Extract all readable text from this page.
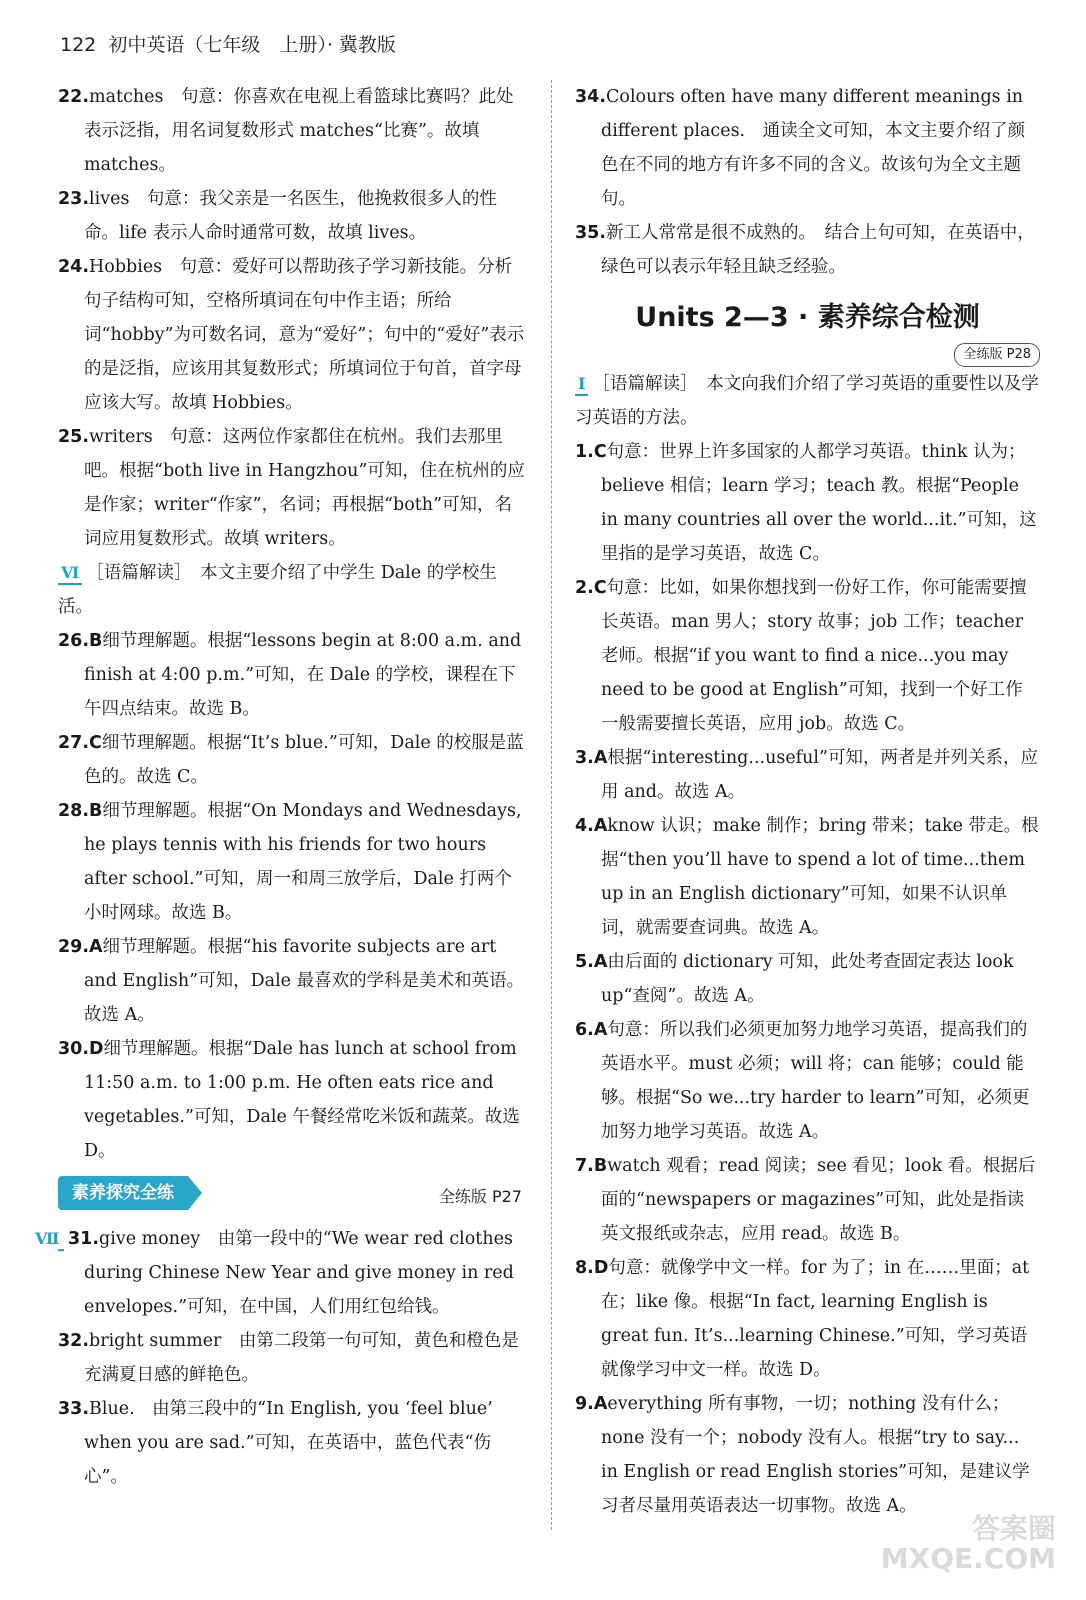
122 初中英语（七年级　上册）· 冀教版
22.matches　句意：你喜欢在电视上看篮球比赛吗？此处表示泛指，用名词复数形式 matches“比赛”。故填 matches。
23.lives　句意：我父亲是一名医生，他挽救很多人的性命。life 表示人命时通常可数，故填 lives。
24.Hobbies　句意：爱好可以帮助孩子学习新技能。分析句子结构可知，空格所填词在句中作主语；所给词“hobby”为可数名词，意为“爱好”；句中的“爱好”表示的是泛指，应该用其复数形式；所填词位于句首，首字母应该大写。故填 Hobbies。
25.writers　句意：这两位作家都住在杭州。我们去那里吧。根据“both live in Hangzhou”可知，住在杭州的应是作家；writer“作家”，名词；再根据“both”可知，名词应用复数形式。故填 writers。
Ⅵ ［语篇解读］　本文主要介绍了中学生 Dale 的学校生活。
26.B细节理解题。根据“lessons begin at 8:00 a.m. and finish at 4:00 p.m.”可知，在 Dale 的学校，课程在下午四点结束。故选 B。
27.C细节理解题。根据“It’s blue.”可知，Dale 的校服是蓝色的。故选 C。
28.B细节理解题。根据“On Mondays and Wednesdays, he plays tennis with his friends for two hours after school.”可知，周一和周三放学后，Dale 打两个小时网球。故选 B。
29.A细节理解题。根据“his favorite subjects are art and English”可知，Dale 最喜欢的学科是美术和英语。故选 A。
30.D细节理解题。根据“Dale has lunch at school from 11:50 a.m. to 1:00 p.m. He often eats rice and vegetables.”可知，Dale 午餐经常吃米饭和蔬菜。故选 D。
素养探究全练	全练版 P27
Ⅶ 31.give money　由第一段中的“We wear red clothes during Chinese New Year and give money in red envelopes.”可知，在中国，人们用红包给钱。
32.bright summer　由第二段第一句可知，黄色和橙色是充满夏日感的鲜艳色。
33.Blue.　由第三段中的“In English, you ‘feel blue’ when you are sad.”可知，在英语中，蓝色代表“伤心”。
34.Colours often have many different meanings in different places.　通读全文可知，本文主要介绍了颜色在不同的地方有许多不同的含义。故该句为全文主题句。
35.新工人常常是很不成熟的。　结合上句可知，在英语中，绿色可以表示年轻且缺乏经验。
Units 2—3 · 素养综合检测
全练版 P28
Ⅰ ［语篇解读］　本文向我们介绍了学习英语的重要性以及学习英语的方法。
1.C句意：世界上许多国家的人都学习英语。think 认为；believe 相信；learn 学习；teach 教。根据“People in many countries all over the world...it.”可知，这里指的是学习英语，故选 C。
2.C句意：比如，如果你想找到一份好工作，你可能需要擅长英语。man 男人；story 故事；job 工作；teacher 老师。根据“if you want to find a nice...you may need to be good at English”可知，找到一个好工作一般需要擅长英语，应用 job。故选 C。
3.A根据“interesting...useful”可知，两者是并列关系，应用 and。故选 A。
4.Aknow 认识；make 制作；bring 带来；take 带走。根据“then you’ll have to spend a lot of time...them up in an English dictionary”可知，如果不认识单词，就需要查词典。故选 A。
5.A由后面的 dictionary 可知，此处考查固定表达 look up“查阅”。故选 A。
6.A句意：所以我们必须更加努力地学习英语，提高我们的英语水平。must 必须；will 将；can 能够；could 能够。根据“So we...try harder to learn”可知，必须更加努力地学习英语。故选 A。
7.Bwatch 观看；read 阅读；see 看见；look 看。根据后面的“newspapers or magazines”可知，此处是指读英文报纸或杂志，应用 read。故选 B。
8.D句意：就像学中文一样。for 为了；in 在……里面；at 在；like 像。根据“In fact, learning English is great fun. It’s...learning Chinese.”可知，学习英语就像学习中文一样。故选 D。
9.Aeverything 所有事物，一切；nothing 没有什么；none 没有一个；nobody 没有人。根据“try to say... in English or read English stories”可知，是建议学习者尽量用英语表达一切事物。故选 A。
答案圈
MXQE.COM
